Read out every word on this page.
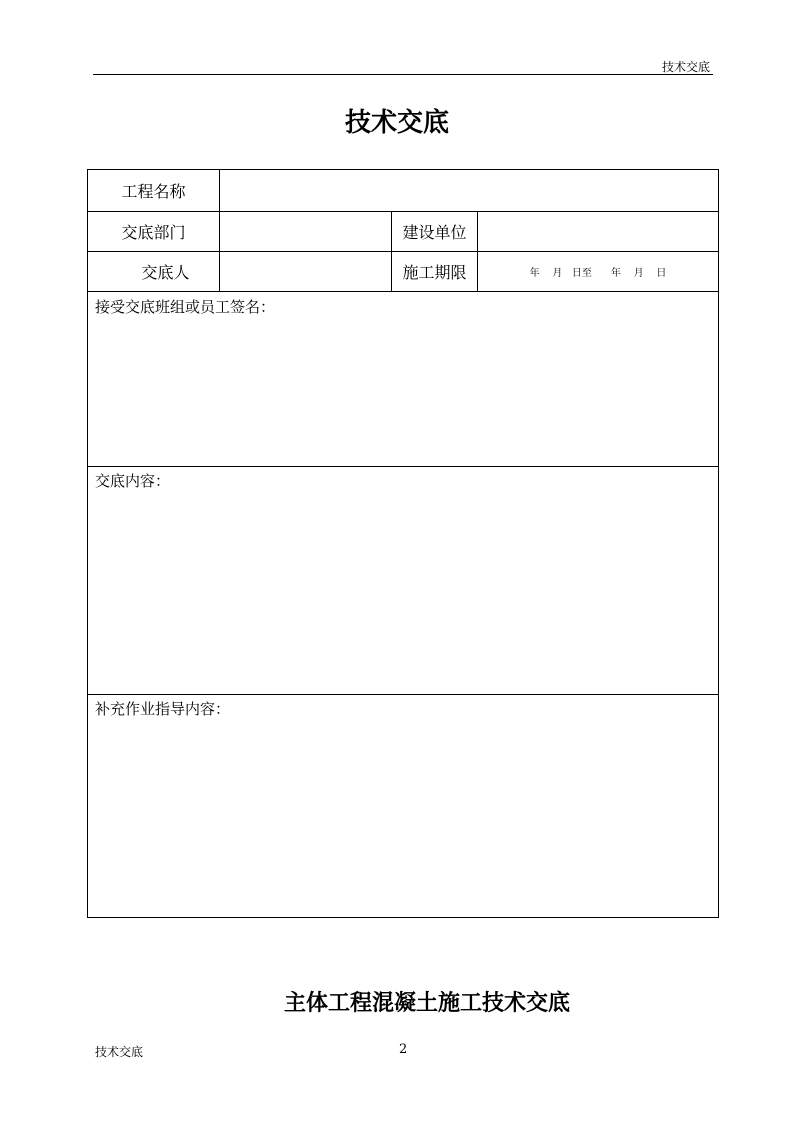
技术交底
技术交底
工程名称
交底部门	建设单位
交底人	施工期限	年    月   日至      年    月    日
接受交底班组或员工签名：
交底内容：
补充作业指导内容：
主体工程混凝土施工技术交底
技术交底	2
